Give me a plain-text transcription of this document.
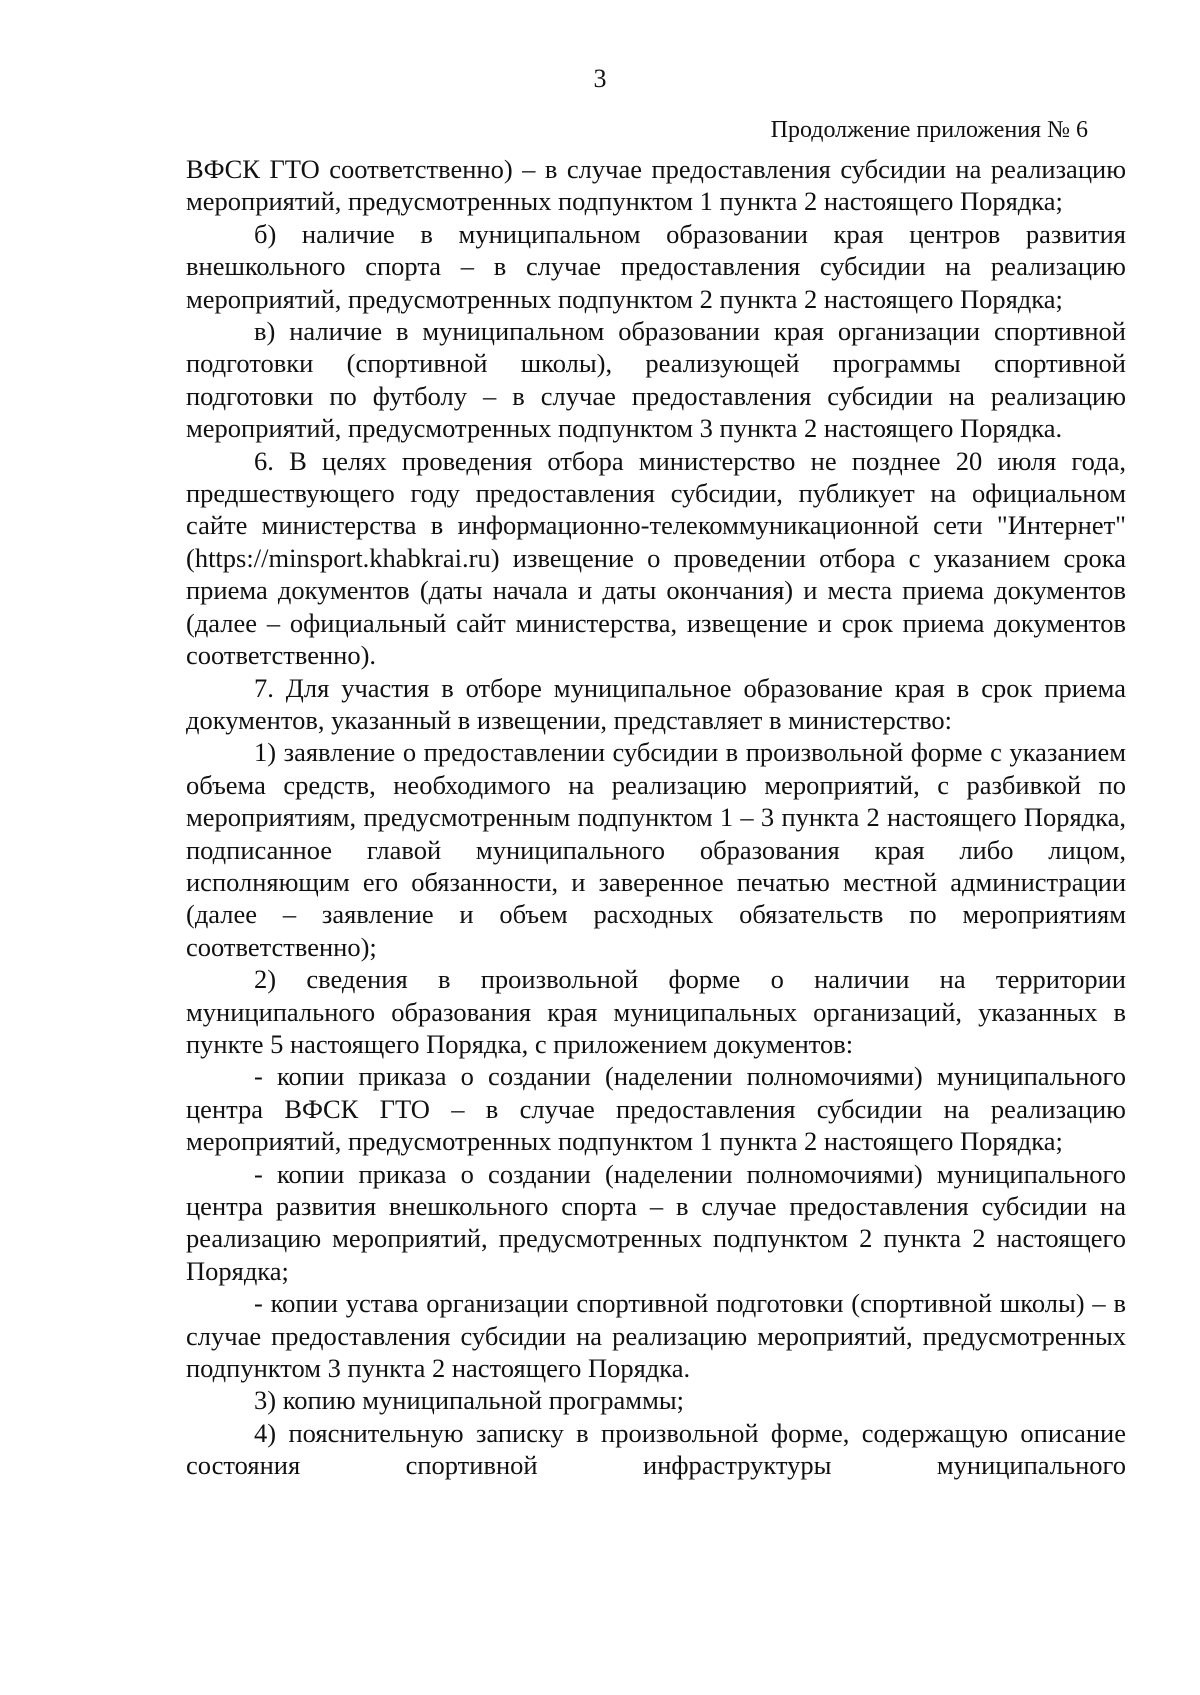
3
Продолжение приложения № 6

ВФСК ГТО соответственно) – в случае предоставления субсидии на реализацию мероприятий, предусмотренных подпунктом 1 пункта 2 настоящего Порядка;

б) наличие в муниципальном образовании края центров развития внешкольного спорта – в случае предоставления субсидии на реализацию мероприятий, предусмотренных подпунктом 2 пункта 2 настоящего Порядка;

в) наличие в муниципальном образовании края организации спортивной подготовки (спортивной школы), реализующей программы спортивной подготовки по футболу – в случае предоставления субсидии на реализацию мероприятий, предусмотренных подпунктом 3 пункта 2 настоящего Порядка.

6. В целях проведения отбора министерство не позднее 20 июля года, предшествующего году предоставления субсидии, публикует на официальном сайте министерства в информационно-телекоммуникационной сети "Интернет" (https://minsport.khabkrai.ru) извещение о проведении отбора с указанием срока приема документов (даты начала и даты окончания) и места приема документов (далее – официальный сайт министерства, извещение и срок приема документов соответственно).

7. Для участия в отборе муниципальное образование края в срок приема документов, указанный в извещении, представляет в министерство:

1) заявление о предоставлении субсидии в произвольной форме с указанием объема средств, необходимого на реализацию мероприятий, с разбивкой по мероприятиям, предусмотренным подпунктом 1 – 3 пункта 2 настоящего Порядка, подписанное главой муниципального образования края либо лицом, исполняющим его обязанности, и заверенное печатью местной администрации (далее – заявление и объем расходных обязательств по мероприятиям соответственно);

2) сведения в произвольной форме о наличии на территории муниципального образования края муниципальных организаций, указанных в пункте 5 настоящего Порядка, с приложением документов:

- копии приказа о создании (наделении полномочиями) муниципального центра ВФСК ГТО – в случае предоставления субсидии на реализацию мероприятий, предусмотренных подпунктом 1 пункта 2 настоящего Порядка;

- копии приказа о создании (наделении полномочиями) муниципального центра развития внешкольного спорта – в случае предоставления субсидии на реализацию мероприятий, предусмотренных подпунктом 2 пункта 2 настоящего Порядка;

- копии устава организации спортивной подготовки (спортивной школы) – в случае предоставления субсидии на реализацию мероприятий, предусмотренных подпунктом 3 пункта 2 настоящего Порядка.

3) копию муниципальной программы;

4) пояснительную записку в произвольной форме, содержащую описание состояния спортивной инфраструктуры муниципального
